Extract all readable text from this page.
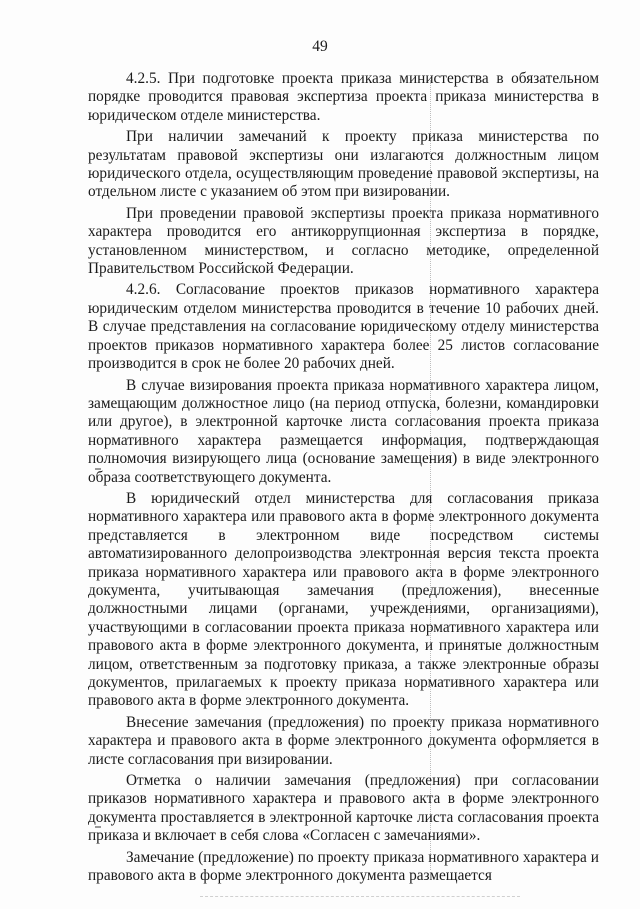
49

4.2.5. При подготовке проекта приказа министерства в обязательном порядке проводится правовая экспертиза проекта приказа министерства в юридическом отделе министерства.

При наличии замечаний к проекту приказа министерства по результатам правовой экспертизы они излагаются должностным лицом юридического отдела, осуществляющим проведение правовой экспертизы, на отдельном листе с указанием об этом при визировании.

При проведении правовой экспертизы проекта приказа нормативного характера проводится его антикоррупционная экспертиза в порядке, установленном министерством, и согласно методике, определенной Правительством Российской Федерации.

4.2.6. Согласование проектов приказов нормативного характера юридическим отделом министерства проводится в течение 10 рабочих дней. В случае представления на согласование юридическому отделу министерства проектов приказов нормативного характера более 25 листов согласование производится в срок не более 20 рабочих дней.

В случае визирования проекта приказа нормативного характера лицом, замещающим должностное лицо (на период отпуска, болезни, командировки или другое), в электронной карточке листа согласования проекта приказа нормативного характера размещается информация, подтверждающая полномочия визирующего лица (основание замещения) в виде электронного образа соответствующего документа.

В юридический отдел министерства для согласования приказа нормативного характера или правового акта в форме электронного документа представляется в электронном виде посредством системы автоматизированного делопроизводства электронная версия текста проекта приказа нормативного характера или правового акта в форме электронного документа, учитывающая замечания (предложения), внесенные должностными лицами (органами, учреждениями, организациями), участвующими в согласовании проекта приказа нормативного характера или правового акта в форме электронного документа, и принятые должностным лицом, ответственным за подготовку приказа, а также электронные образы документов, прилагаемых к проекту приказа нормативного характера или правового акта в форме электронного документа.

Внесение замечания (предложения) по проекту приказа нормативного характера и правового акта в форме электронного документа оформляется в листе согласования при визировании.

Отметка о наличии замечания (предложения) при согласовании приказов нормативного характера и правового акта в форме электронного документа проставляется в электронной карточке листа согласования проекта приказа и включает в себя слова «Согласен с замечаниями».

Замечание (предложение) по проекту приказа нормативного характера и правового акта в форме электронного документа размещается
